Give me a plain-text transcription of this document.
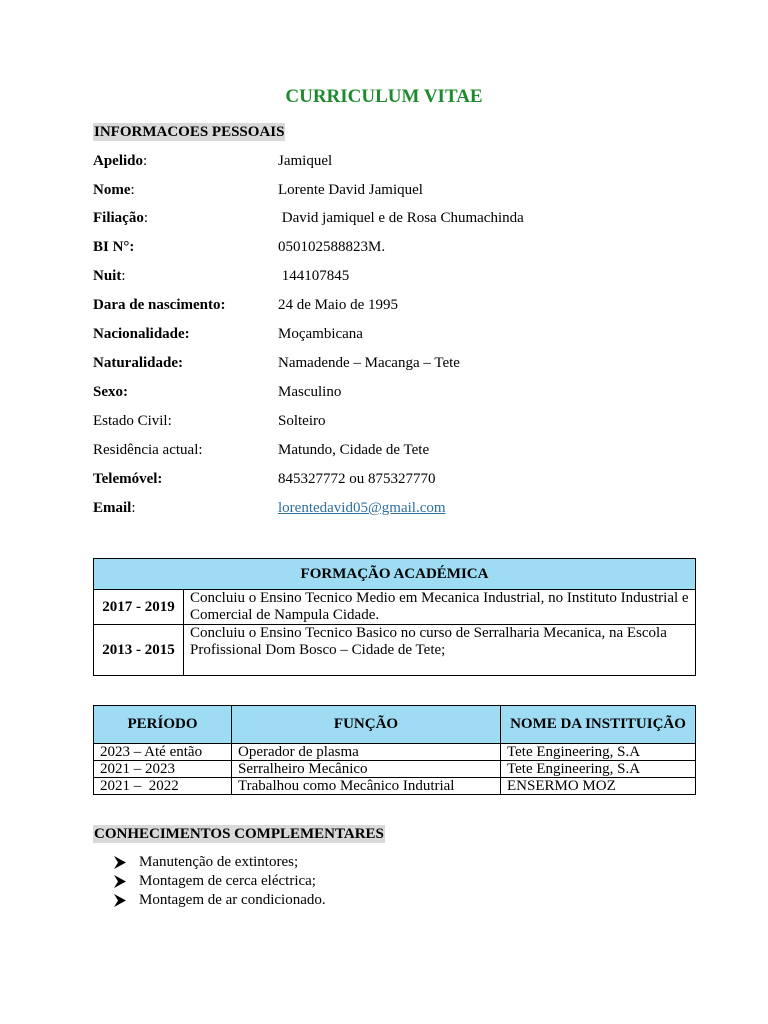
CURRICULUM VITAE
INFORMACOES PESSOAIS
Apelido:	Jamiquel
Nome:	Lorente David Jamiquel
Filiação:	David jamiquel e de Rosa Chumachinda
BI N°:	050102588823M.
Nuit:	144107845
Dara de nascimento:	24 de Maio de 1995
Nacionalidade:	Moçambicana
Naturalidade:	Namadende – Macanga – Tete
Sexo:	Masculino
Estado Civil:	Solteiro
Residência actual:	Matundo, Cidade de Tete
Telemóvel:	845327772 ou 875327770
Email:	lorentedavid05@gmail.com
FORMAÇÃO ACADÉMICA	
2017 - 2019	Concluiu o Ensino Tecnico Medio em Mecanica Industrial, no Instituto Industrial e Comercial de Nampula Cidade.
2013 - 2015	Concluiu o Ensino Tecnico Basico no curso de Serralharia Mecanica, na Escola Profissional Dom Bosco – Cidade de Tete;
PERÍODO	FUNÇÃO	NOME DA INSTITUIÇÃO
2023 – Até então	Operador de plasma	Tete Engineering, S.A
2021 – 2023	Serralheiro Mecânico	Tete Engineering, S.A
2021 –  2022	Trabalhou como Mecânico Indutrial	ENSERMO MOZ
CONHECIMENTOS COMPLEMENTARES
Manutenção de extintores;
Montagem de cerca eléctrica;
Montagem de ar condicionado.
